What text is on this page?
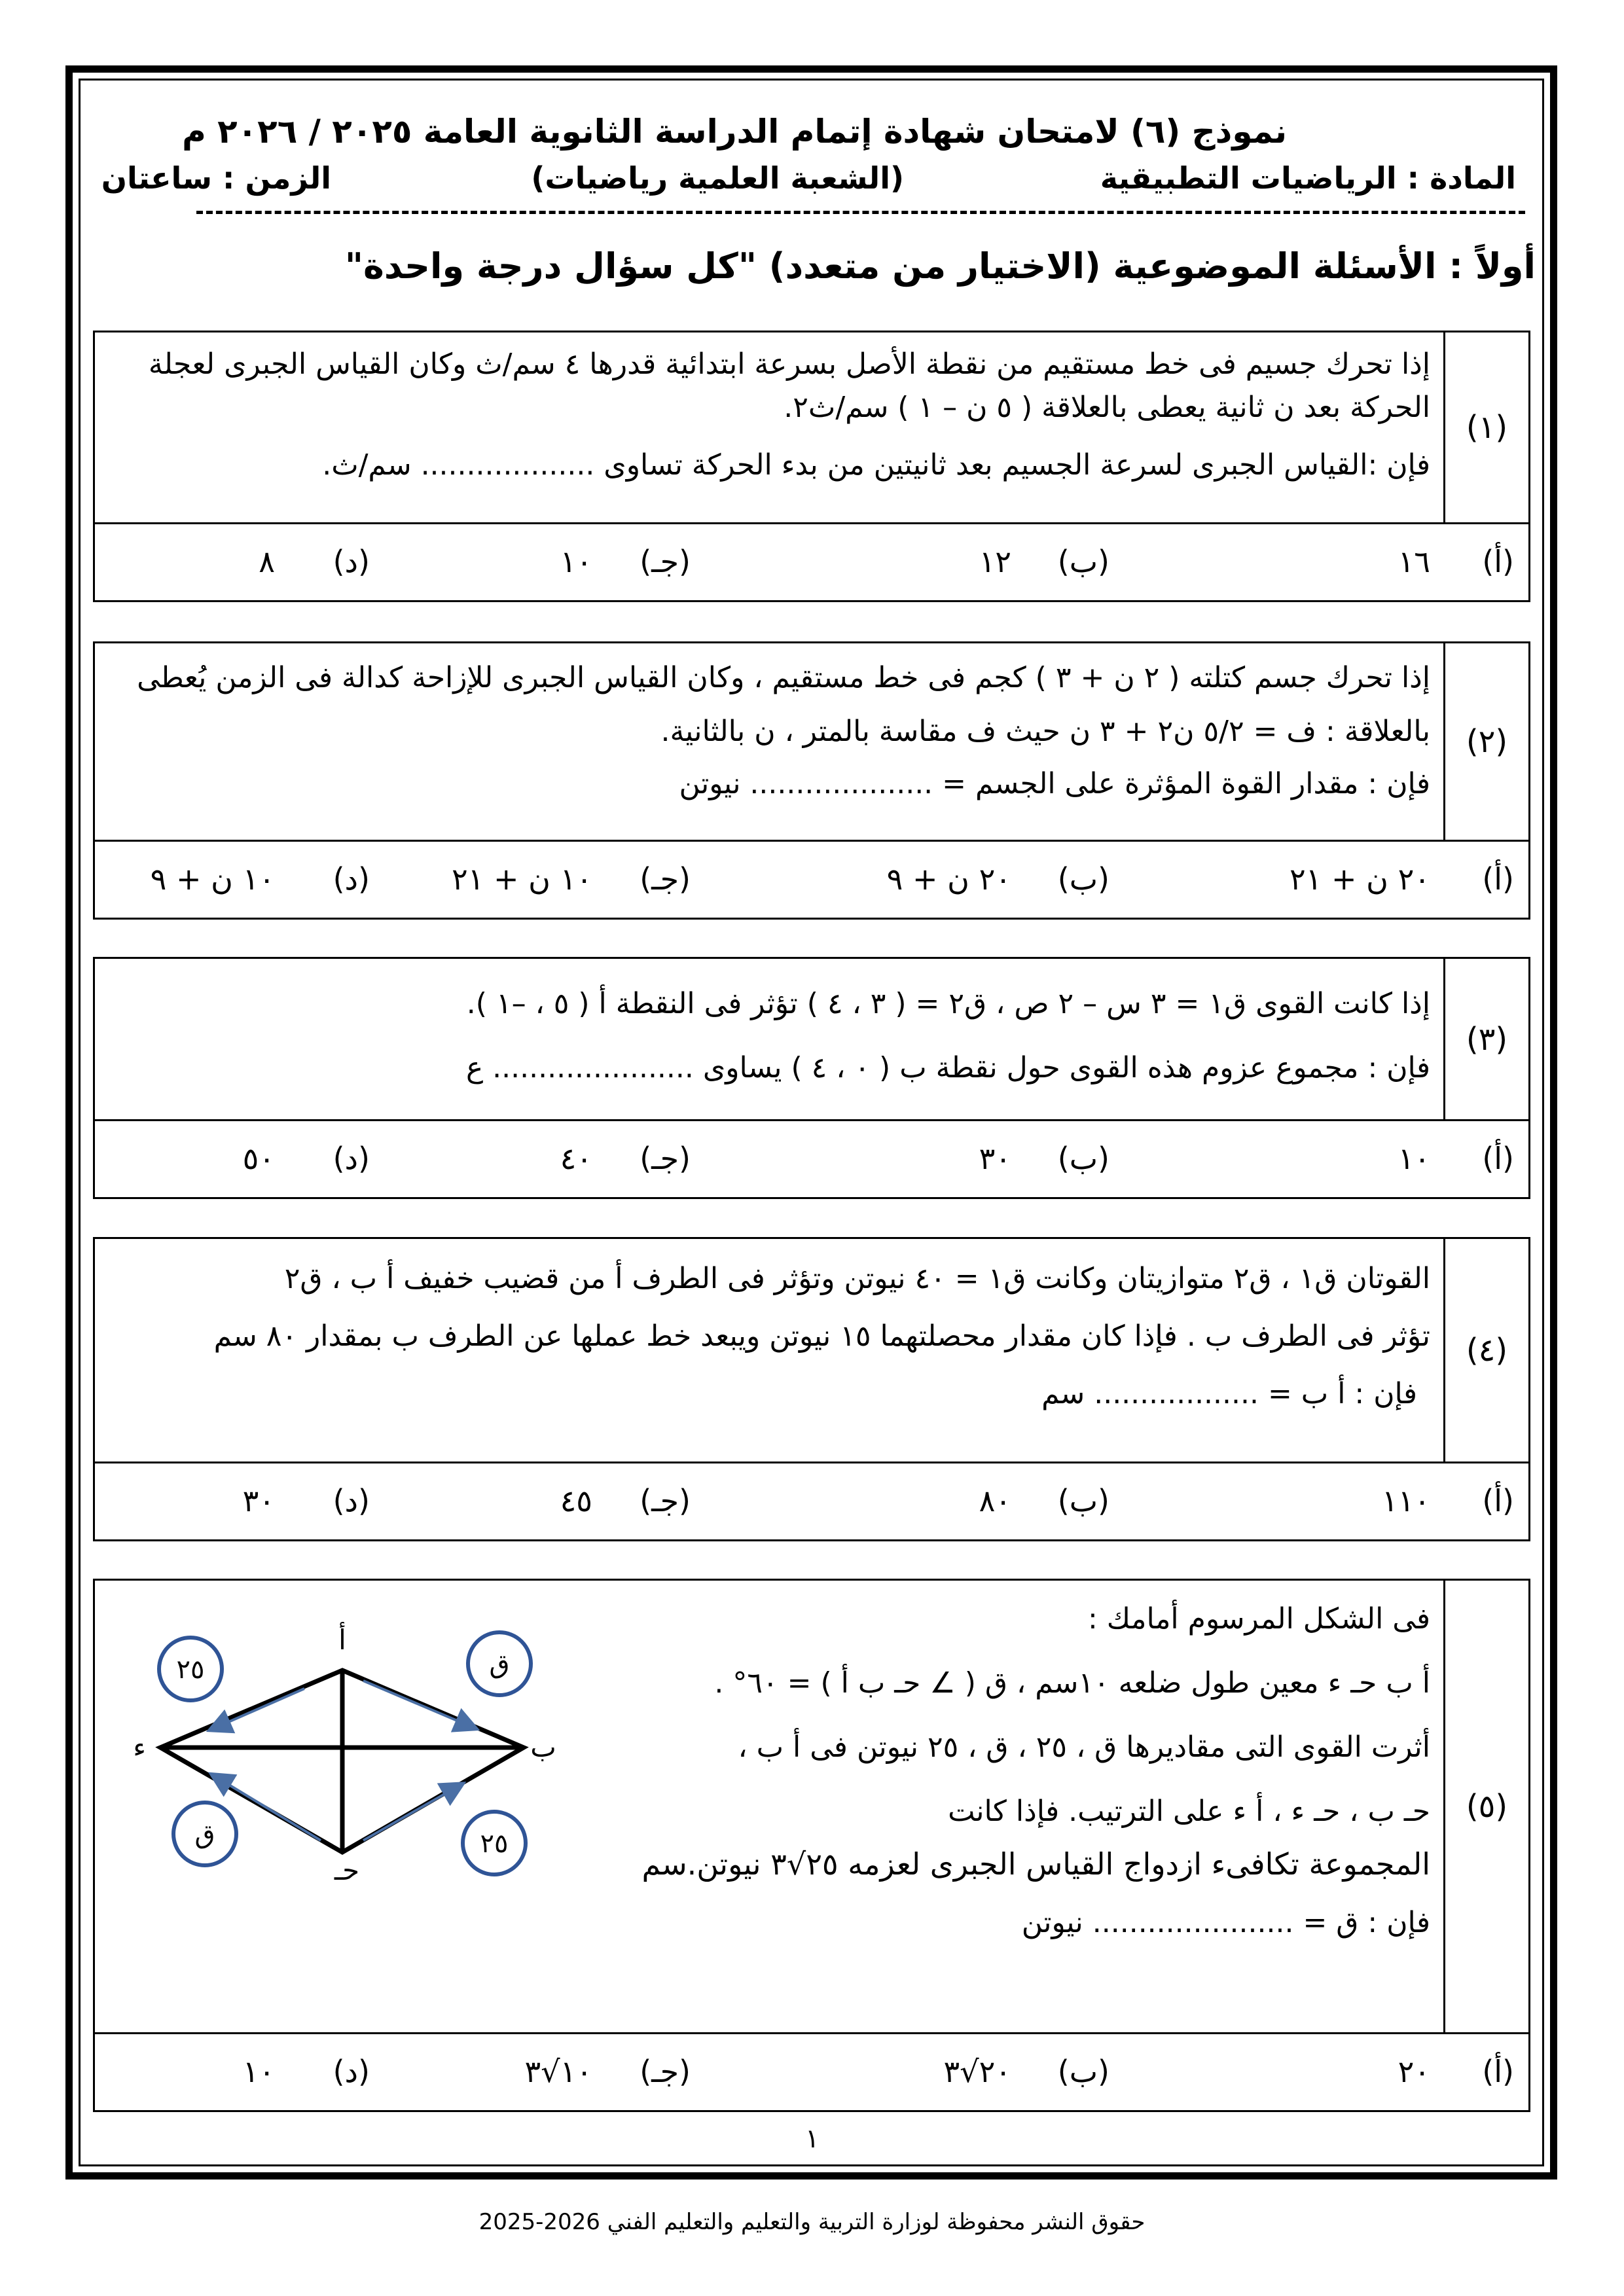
نموذج (٦) لامتحان شهادة إتمام الدراسة الثانوية العامة ٢٠٢٥ / ٢٠٢٦ م
المادة : الرياضيات التطبيقية
(الشعبة العلمية رياضيات)
الزمن : ساعتان
أولاً : الأسئلة الموضوعية (الاختيار من متعدد) "كل سؤال درجة واحدة"
(١)

إذا تحرك جسيم فى خط مستقيم من نقطة الأصل بسرعة ابتدائية قدرها ٤ سم/ث وكان القياس الجبرى لعجلة

الحركة بعد ن ثانية يعطى بالعلاقة ( ٥ ن – ١ ) سم/ث٢.

فإن :القياس الجبرى لسرعة الجسيم بعد ثانيتين من بدء الحركة تساوى ................... سم/ث.

(أ)
١٦
(ب)
١٢
(جـ)
١٠
(د)
٨
(٢)

إذا تحرك جسم كتلته ( ٢ ن + ٣ ) كجم فى خط مستقيم ، وكان القياس الجبرى للإزاحة كدالة فى الزمن يُعطى

بالعلاقة : ف = ٥/٢ ن٢ + ٣ ن حيث ف مقاسة بالمتر ، ن بالثانية.

فإن : مقدار القوة المؤثرة على الجسم = .................... نيوتن

(أ)
٢٠ ن + ٢١
(ب)
٢٠ ن + ٩
(جـ)
١٠ ن + ٢١
(د)
١٠ ن + ٩
(٣)

إذا كانت القوى ق١ = ٣ س – ٢ ص ، ق٢ = ( ٣ ، ٤ ) تؤثر فى النقطة أ ( ٥ ، –١ ).

فإن : مجموع عزوم هذه القوى حول نقطة ب ( ٠ ، ٤ ) يساوى ...................... ع

(أ)
١٠
(ب)
٣٠
(جـ)
٤٠
(د)
٥٠
(٤)

القوتان ق١ ، ق٢ متوازيتان وكانت ق١ = ٤٠ نيوتن وتؤثر فى الطرف أ من قضيب خفيف أ ب ، ق٢

تؤثر فى الطرف ب . فإذا كان مقدار محصلتهما ١٥ نيوتن ويبعد خط عملها عن الطرف ب بمقدار ٨٠ سم

فإن : أ ب = .................. سم

(أ)
١١٠
(ب)
٨٠
(جـ)
٤٥
(د)
٣٠
(٥)

فى الشكل المرسوم أمامك :

أ ب حـ ء معين طول ضلعه ١٠سم ، ق ( ∠ حـ ب أ ) = ٦٠° .

أثرت القوى التى مقاديرها ق ، ٢٥ ، ق ، ٢٥ نيوتن فى أ ب ،

حـ ب ، حـ ء ، أ ء على الترتيب. فإذا كانت

المجموعة تكافىء ازدواج القياس الجبرى لعزمه ٢٥√٣ نيوتن.سم

فإن : ق = ...................... نيوتن

(أ)
٢٠
(ب)
٢٠√٣
(جـ)
١٠√٣
(د)
١٠
ق
٢٥
٢٥
ق
أ
ب
حـ
ء
١
حقوق النشر محفوظة لوزارة التربية والتعليم والتعليم الفني 2026-2025
